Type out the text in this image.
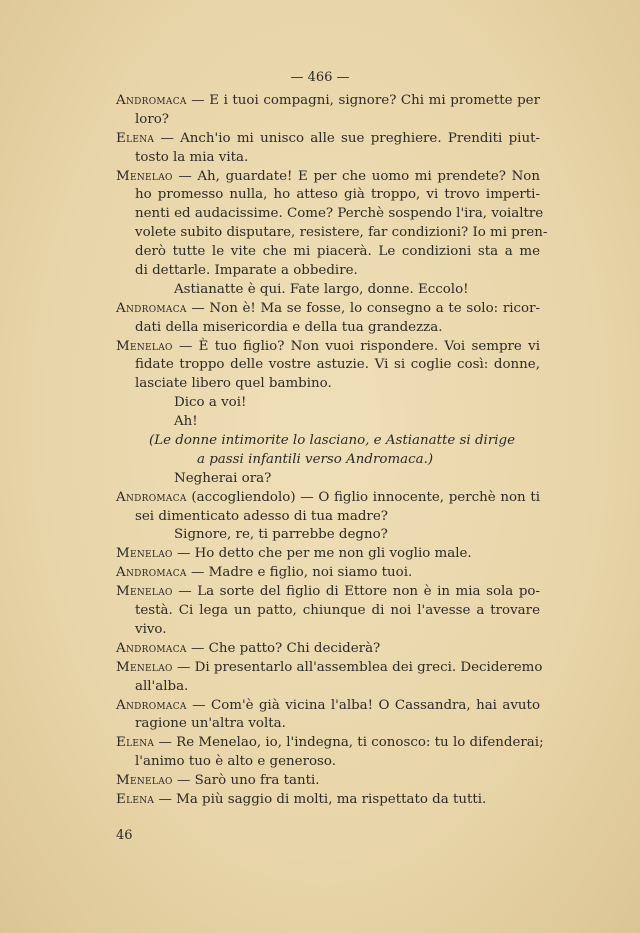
— 466 —
Andromaca — E i tuoi compagni, signore? Chi mi promette per
loro?
Elena — Anch'io mi unisco alle sue preghiere. Prenditi piut-
tosto la mia vita.
Menelao — Ah, guardate! E per che uomo mi prendete? Non
ho promesso nulla, ho atteso già troppo, vi trovo imperti-
nenti ed audacissime. Come? Perchè sospendo l'ira, voialtre
volete subito disputare, resistere, far condizioni? Io mi pren-
derò tutte le vite che mi piacerà. Le condizioni sta a me
di dettarle. Imparate a obbedire.
Astianatte è qui. Fate largo, donne. Eccolo!
Andromaca — Non è! Ma se fosse, lo consegno a te solo: ricor-
dati della misericordia e della tua grandezza.
Menelao — È tuo figlio? Non vuoi rispondere. Voi sempre vi
fidate troppo delle vostre astuzie. Vi si coglie così: donne,
lasciate libero quel bambino.
Dico a voi!
Ah!
(Le donne intimorite lo lasciano, e Astianatte si dirige
a passi infantili verso Andromaca.)
Negherai ora?
Andromaca (accogliendolo) — O figlio innocente, perchè non ti
sei dimenticato adesso di tua madre?
Signore, re, ti parrebbe degno?
Menelao — Ho detto che per me non gli voglio male.
Andromaca — Madre e figlio, noi siamo tuoi.
Menelao — La sorte del figlio di Ettore non è in mia sola po-
testà. Ci lega un patto, chiunque di noi l'avesse a trovare
vivo.
Andromaca — Che patto? Chi deciderà?
Menelao — Di presentarlo all'assemblea dei greci. Decideremo
all'alba.
Andromaca — Com'è già vicina l'alba! O Cassandra, hai avuto
ragione un'altra volta.
Elena — Re Menelao, io, l'indegna, ti conosco: tu lo difenderai;
l'animo tuo è alto e generoso.
Menelao — Sarò uno fra tanti.
Elena — Ma più saggio di molti, ma rispettato da tutti.
46
